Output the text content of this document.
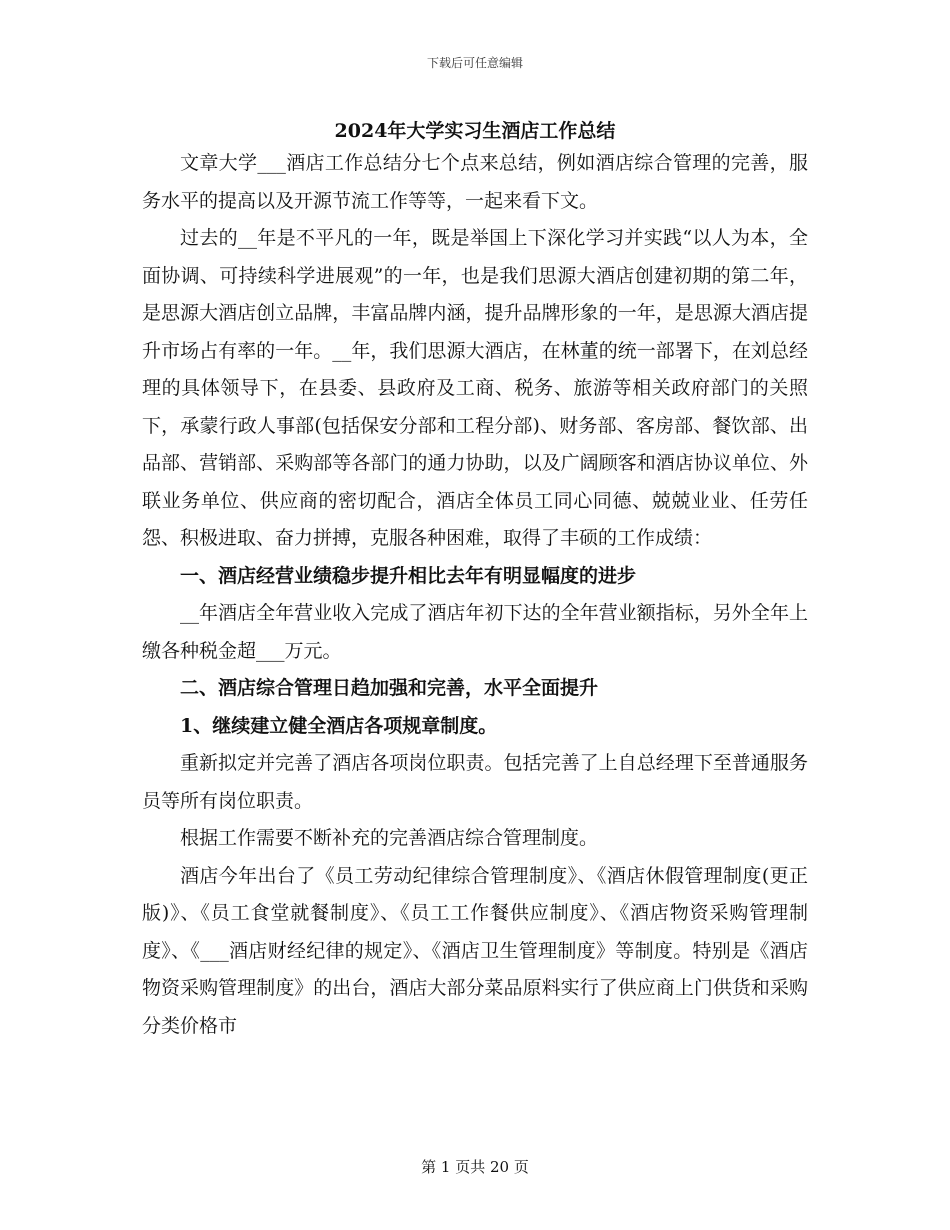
下载后可任意编辑
2024年大学实习生酒店工作总结

文章大学___酒店工作总结分七个点来总结，例如酒店综合管理的完善，服务水平的提高以及开源节流工作等等，一起来看下文。

过去的__年是不平凡的一年，既是举国上下深化学习并实践“以人为本，全面协调、可持续科学进展观”的一年，也是我们思源大酒店创建初期的第二年，是思源大酒店创立品牌，丰富品牌内涵，提升品牌形象的一年，是思源大酒店提升市场占有率的一年。__年，我们思源大酒店，在林董的统一部署下，在刘总经理的具体领导下，在县委、县政府及工商、税务、旅游等相关政府部门的关照下，承蒙行政人事部(包括保安分部和工程分部)、财务部、客房部、餐饮部、出品部、营销部、采购部等各部门的通力协助，以及广阔顾客和酒店协议单位、外联业务单位、供应商的密切配合，酒店全体员工同心同德、兢兢业业、任劳任怨、积极进取、奋力拼搏，克服各种困难，取得了丰硕的工作成绩：

一、酒店经营业绩稳步提升相比去年有明显幅度的进步

__年酒店全年营业收入完成了酒店年初下达的全年营业额指标，另外全年上缴各种税金超___万元。

二、酒店综合管理日趋加强和完善，水平全面提升

1、继续建立健全酒店各项规章制度。

重新拟定并完善了酒店各项岗位职责。包括完善了上自总经理下至普通服务员等所有岗位职责。

根据工作需要不断补充的完善酒店综合管理制度。

酒店今年出台了《员工劳动纪律综合管理制度》、《酒店休假管理制度(更正版)》、《员工食堂就餐制度》、《员工工作餐供应制度》、《酒店物资采购管理制度》、《___酒店财经纪律的规定》、《酒店卫生管理制度》等制度。特别是《酒店物资采购管理制度》的出台，酒店大部分菜品原料实行了供应商上门供货和采购分类价格市

第 1 页共 20 页
